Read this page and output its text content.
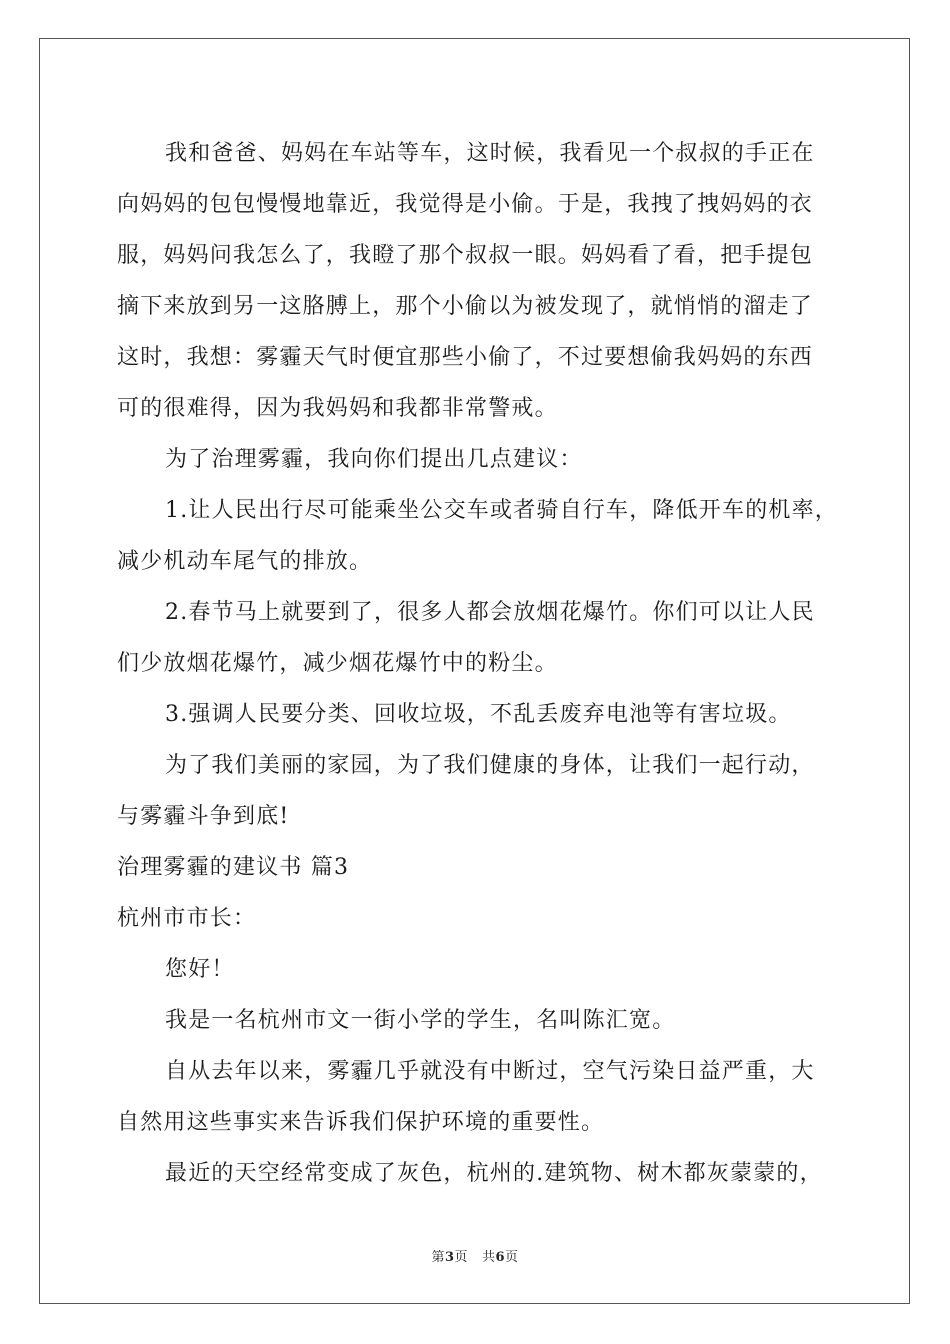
我和爸爸、妈妈在车站等车，这时候，我看见一个叔叔的手正在
向妈妈的包包慢慢地靠近，我觉得是小偷。于是，我拽了拽妈妈的衣
服，妈妈问我怎么了，我瞪了那个叔叔一眼。妈妈看了看，把手提包
摘下来放到另一这胳膊上，那个小偷以为被发现了，就悄悄的溜走了
这时，我想：雾霾天气时便宜那些小偷了，不过要想偷我妈妈的东西
可的很难得，因为我妈妈和我都非常警戒。
为了治理雾霾，我向你们提出几点建议：
1.让人民出行尽可能乘坐公交车或者骑自行车，降低开车的机率，
减少机动车尾气的排放。
2.春节马上就要到了，很多人都会放烟花爆竹。你们可以让人民
们少放烟花爆竹，减少烟花爆竹中的粉尘。
3.强调人民要分类、回收垃圾，不乱丢废弃电池等有害垃圾。
为了我们美丽的家园，为了我们健康的身体，让我们一起行动，
与雾霾斗争到底!
治理雾霾的建议书 篇3
杭州市市长：
您好！
我是一名杭州市文一街小学的学生，名叫陈汇宽。
自从去年以来，雾霾几乎就没有中断过，空气污染日益严重，大
自然用这些事实来告诉我们保护环境的重要性。
最近的天空经常变成了灰色，杭州的.建筑物、树木都灰蒙蒙的，
第3页 共6页
